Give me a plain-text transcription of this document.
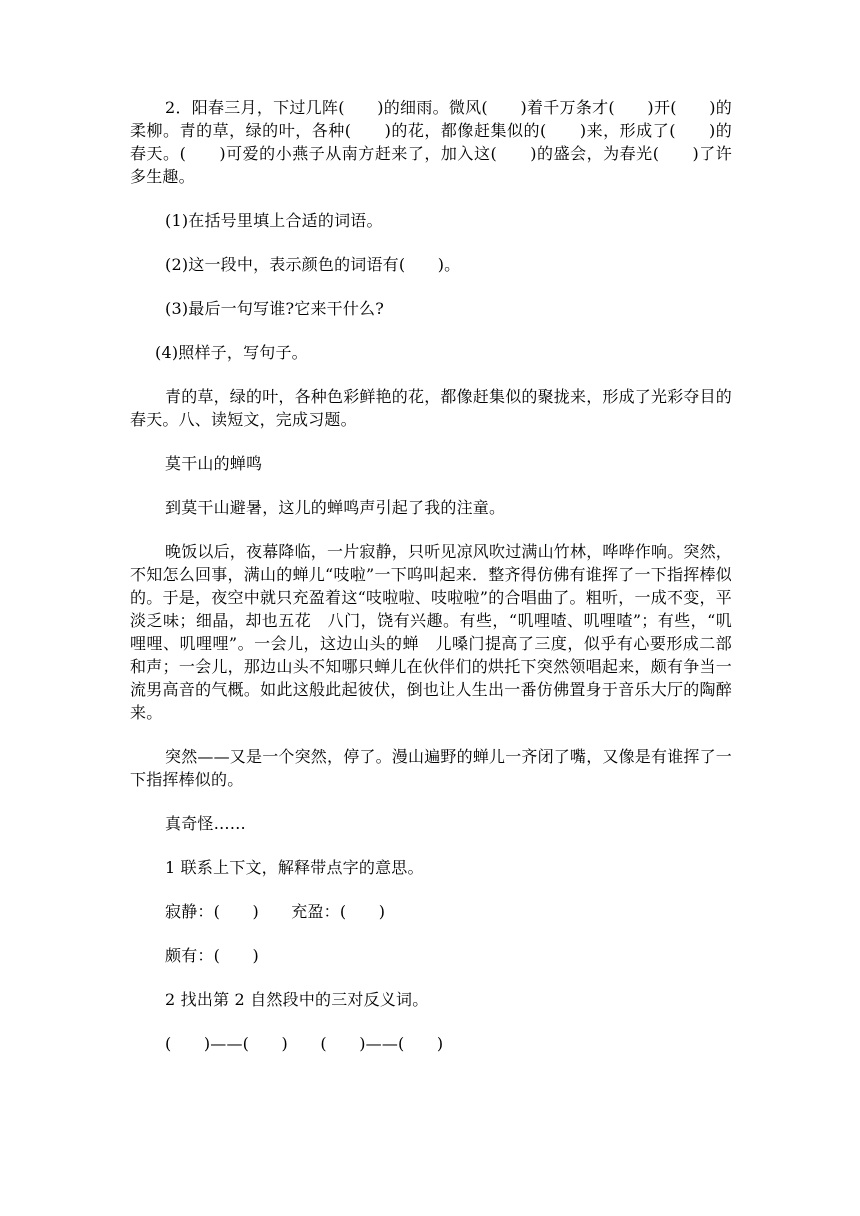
2．阳春三月，下过几阵(　　)的细雨。微风(　　)着千万条才(　　)开(　　)的柔柳。青的草，绿的叶，各种(　　)的花，都像赶集似的(　　)来，形成了(　　)的春天。(　　)可爱的小燕子从南方赶来了，加入这(　　)的盛会，为春光(　　)了许多生趣。

(1)在括号里填上合适的词语。

(2)这一段中，表示颜色的词语有(　　)。

(3)最后一句写谁?它来干什么?

(4)照样子，写句子。

青的草，绿的叶，各种色彩鲜艳的花，都像赶集似的聚拢来，形成了光彩夺目的春天。八、读短文，完成习题。

莫干山的蝉鸣

到莫干山避暑，这儿的蝉鸣声引起了我的注童。

晚饭以后，夜幕降临，一片寂静，只听见凉风吹过满山竹林，哗哗作响。突然，不知怎么回事，满山的蝉儿“吱啦”一下呜叫起来．整齐得仿佛有谁挥了一下指挥棒似的。于是，夜空中就只充盈着这“吱啦啦、吱啦啦”的合唱曲了。粗听，一成不变，平淡乏味；细晶，却也五花　八门，饶有兴趣。有些，“叽哩喳、叽哩喳”；有些，“叽哩哩、叽哩哩”。一会儿，这边山头的蝉　儿嗓门提高了三度，似乎有心要形成二部和声；一会儿，那边山头不知哪只蝉儿在伙伴们的烘托下突然领唱起来，颇有争当一流男高音的气概。如此这般此起彼伏，倒也让人生出一番仿佛置身于音乐大厅的陶醉来。

突然——又是一个突然，停了。漫山遍野的蝉儿一齐闭了嘴，又像是有谁挥了一下指挥棒似的。

真奇怪……

1 联系上下文，解释带点字的意思。

寂静：(　　)　　充盈：(　　)

颇有：(　　)

2 找出第 2 自然段中的三对反义词。

(　　)——(　　)　　(　　)——(　　)
